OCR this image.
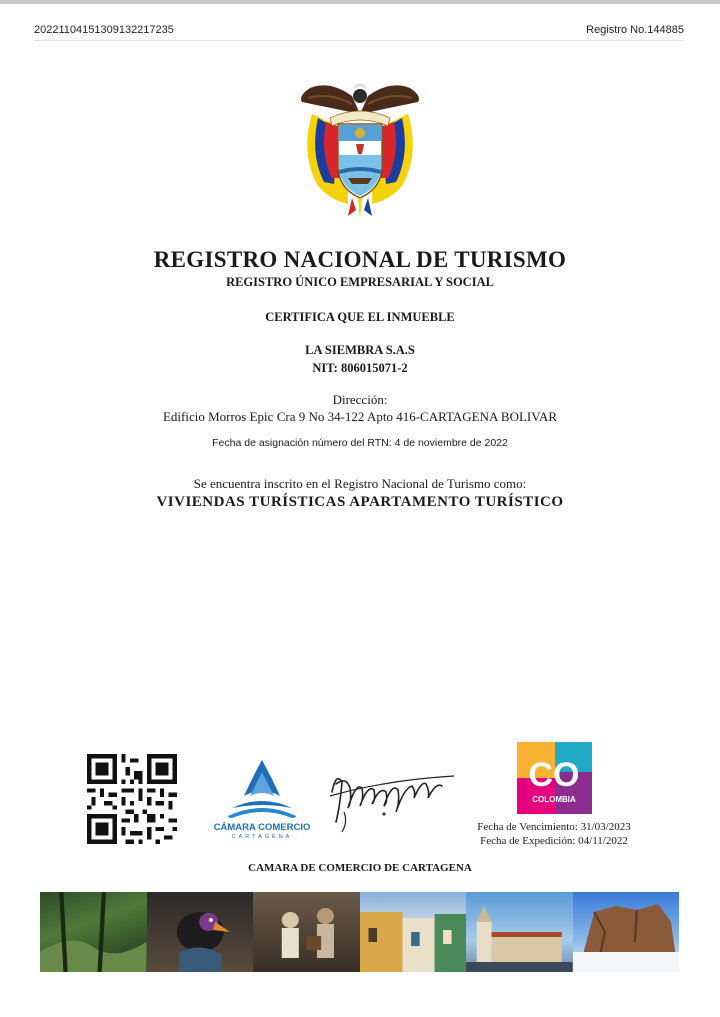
20221104151309132217235	Registro No.144885
REGISTRO NACIONAL DE TURISMO
REGISTRO ÚNICO EMPRESARIAL Y SOCIAL
CERTIFICA QUE EL INMUEBLE
LA SIEMBRA S.A.S
NIT: 806015071-2
Dirección:
Edificio Morros Epic Cra 9 No 34-122 Apto 416-CARTAGENA BOLIVAR
Fecha de asignación número del RTN: 4 de noviembre de 2022
Se encuentra inscrito en el Registro Nacional de Turismo como:
VIVIENDAS TURÍSTICAS APARTAMENTO TURÍSTICO
CÁMARA COMERCIO
CARTAGENA
CO
COLOMBIA
Fecha de Vencimiento: 31/03/2023
Fecha de Expedición: 04/11/2022
CAMARA DE COMERCIO DE CARTAGENA
